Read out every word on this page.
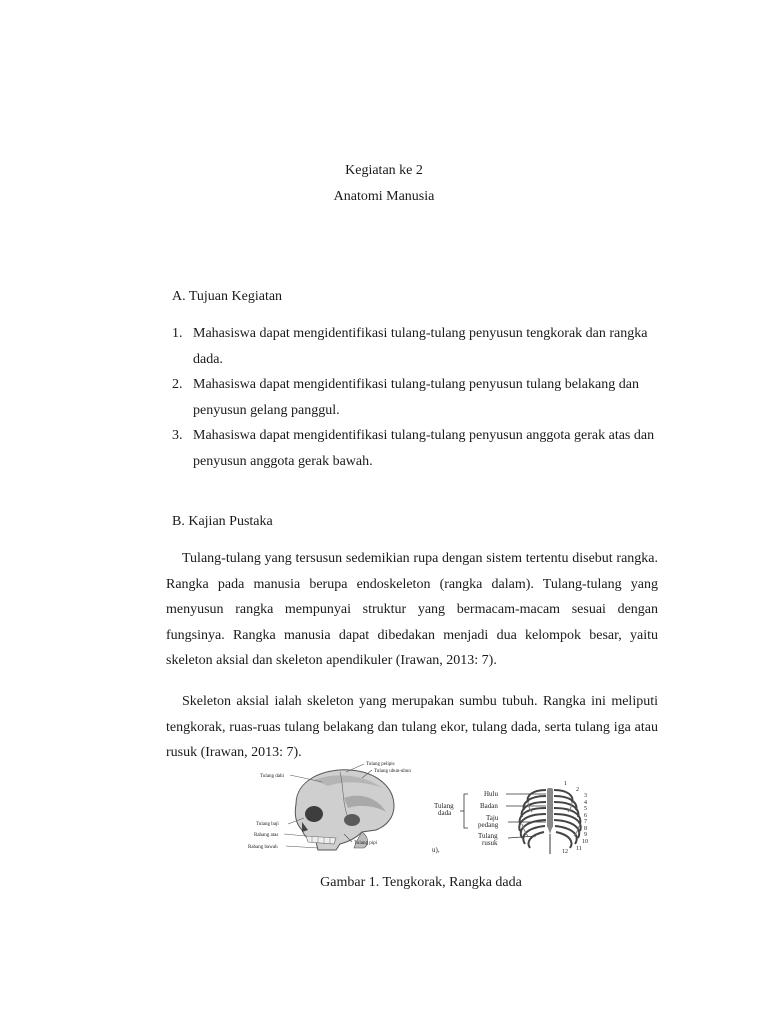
Kegiatan ke 2
Anatomi Manusia
A. Tujuan Kegiatan
1. Mahasiswa dapat mengidentifikasi tulang-tulang penyusun tengkorak dan rangka dada.
2. Mahasiswa dapat mengidentifikasi tulang-tulang penyusun tulang belakang dan penyusun gelang panggul.
3. Mahasiswa dapat mengidentifikasi tulang-tulang penyusun anggota gerak atas dan penyusun anggota gerak bawah.
B. Kajian Pustaka
Tulang-tulang yang tersusun sedemikian rupa dengan sistem tertentu disebut rangka. Rangka pada manusia berupa endoskeleton (rangka dalam). Tulang-tulang yang menyusun rangka mempunyai struktur yang bermacam-macam sesuai dengan fungsinya. Rangka manusia dapat dibedakan menjadi dua kelompok besar, yaitu skeleton aksial dan skeleton apendikuler (Irawan, 2013: 7).
Skeleton aksial ialah skeleton yang merupakan sumbu tubuh. Rangka ini meliputi tengkorak, ruas-ruas tulang belakang dan tulang ekor, tulang dada, serta tulang iga atau rusuk (Irawan, 2013: 7).
Tulang dahi
Tulang pelipis
Tulang ubun-ubun
Tulang baji
Rahang atas
Rahang bawah
Tulang pipi
Tulang
dada
Hulu
Badan
Taju
pedang
Tulang
rusuk
u),
1
2
3
4
5
6
7
8
9
10
11
12
Gambar 1. Tengkorak, Rangka dada
